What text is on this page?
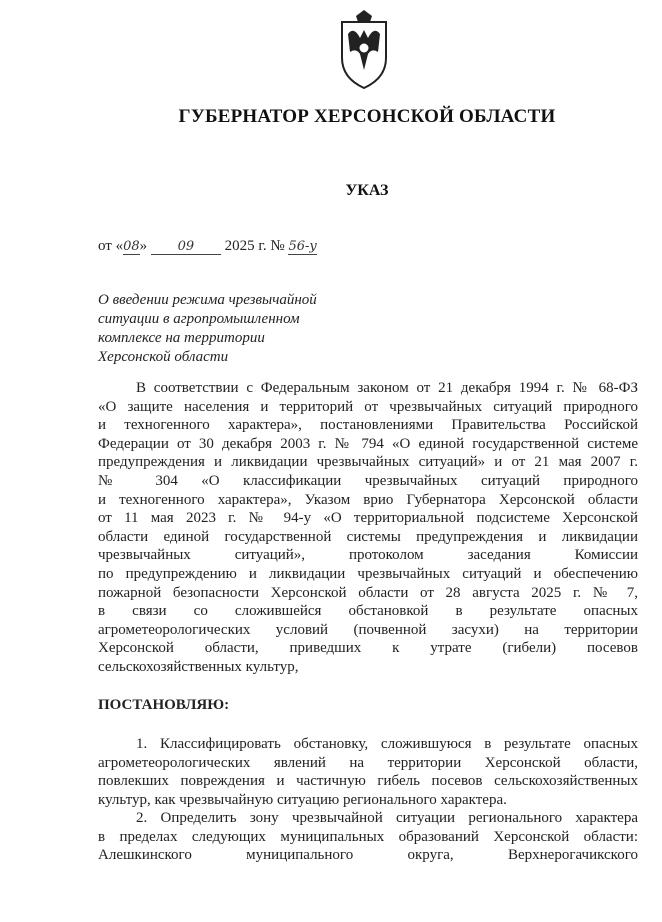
ГУБЕРНАТОР ХЕРСОНСКОЙ ОБЛАСТИ
УКАЗ
от «08» 09 2025 г. № 56-у
О введении режима чрезвычайной
ситуации в агропромышленном
комплексе на территории
Херсонской области
В соответствии с Федеральным законом от 21 декабря 1994 г. № 68-ФЗ
«О защите населения и территорий от чрезвычайных ситуаций природного
и техногенного характера», постановлениями Правительства Российской
Федерации от 30 декабря 2003 г. № 794 «О единой государственной системе
предупреждения и ликвидации чрезвычайных ситуаций» и от 21 мая 2007 г.
№ 304 «О классификации чрезвычайных ситуаций природного
и техногенного характера», Указом врио Губернатора Херсонской области
от 11 мая 2023 г. № 94-у «О территориальной подсистеме Херсонской
области единой государственной системы предупреждения и ликвидации
чрезвычайных ситуаций», протоколом заседания Комиссии
по предупреждению и ликвидации чрезвычайных ситуаций и обеспечению
пожарной безопасности Херсонской области от 28 августа 2025 г. № 7,
в связи со сложившейся обстановкой в результате опасных
агрометеорологических условий (почвенной засухи) на территории
Херсонской области, приведших к утрате (гибели) посевов
сельскохозяйственных культур,
ПОСТАНОВЛЯЮ:
1. Классифицировать обстановку, сложившуюся в результате опасных
агрометеорологических явлений на территории Херсонской области,
повлекших повреждения и частичную гибель посевов сельскохозяйственных
культур, как чрезвычайную ситуацию регионального характера.
2. Определить зону чрезвычайной ситуации регионального характера
в пределах следующих муниципальных образований Херсонской области:
Алешкинского муниципального округа, Верхнерогачикского
